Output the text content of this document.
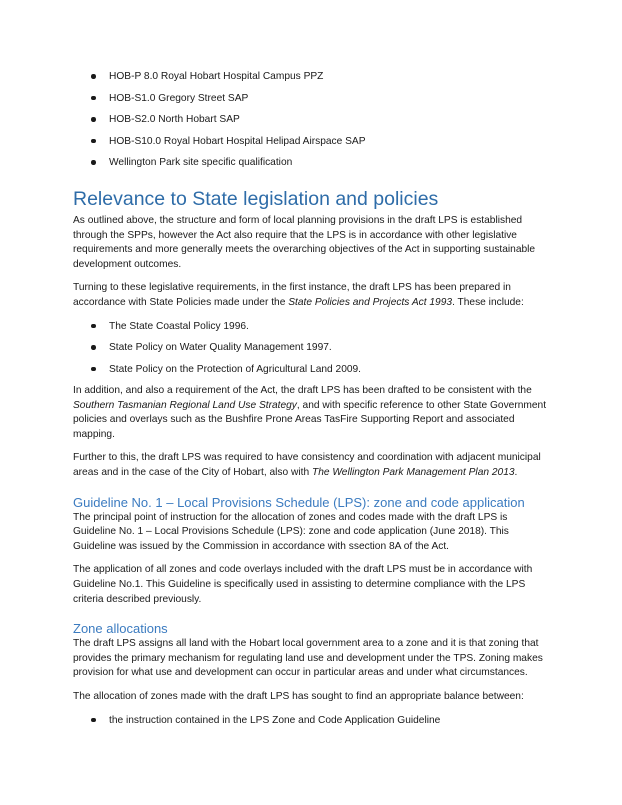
HOB-P 8.0 Royal Hobart Hospital Campus PPZ
HOB-S1.0 Gregory Street SAP
HOB-S2.0 North Hobart SAP
HOB-S10.0 Royal Hobart Hospital Helipad Airspace SAP
Wellington Park site specific qualification
Relevance to State legislation and policies

As outlined above, the structure and form of local planning provisions in the draft LPS is established through the SPPs, however the Act also require that the LPS is in accordance with other legislative requirements and more generally meets the overarching objectives of the Act in supporting sustainable development outcomes.

Turning to these legislative requirements, in the first instance, the draft LPS has been prepared in accordance with State Policies made under the State Policies and Projects Act 1993. These include:

The State Coastal Policy 1996.
State Policy on Water Quality Management 1997.
State Policy on the Protection of Agricultural Land 2009.

In addition, and also a requirement of the Act, the draft LPS has been drafted to be consistent with the Southern Tasmanian Regional Land Use Strategy, and with specific reference to other State Government policies and overlays such as the Bushfire Prone Areas TasFire Supporting Report and associated mapping.

Further to this, the draft LPS was required to have consistency and coordination with adjacent municipal areas and in the case of the City of Hobart, also with The Wellington Park Management Plan 2013.

Guideline No. 1 – Local Provisions Schedule (LPS): zone and code application

The principal point of instruction for the allocation of zones and codes made with the draft LPS is Guideline No. 1 – Local Provisions Schedule (LPS): zone and code application (June 2018). This Guideline was issued by the Commission in accordance with ssection 8A of the Act.

The application of all zones and code overlays included with the draft LPS must be in accordance with Guideline No.1. This Guideline is specifically used in assisting to determine compliance with the LPS criteria described previously.

Zone allocations

The draft LPS assigns all land with the Hobart local government area to a zone and it is that zoning that provides the primary mechanism for regulating land use and development under the TPS. Zoning makes provision for what use and development can occur in particular areas and under what circumstances.

The allocation of zones made with the draft LPS has sought to find an appropriate balance between:

the instruction contained in the LPS Zone and Code Application Guideline
